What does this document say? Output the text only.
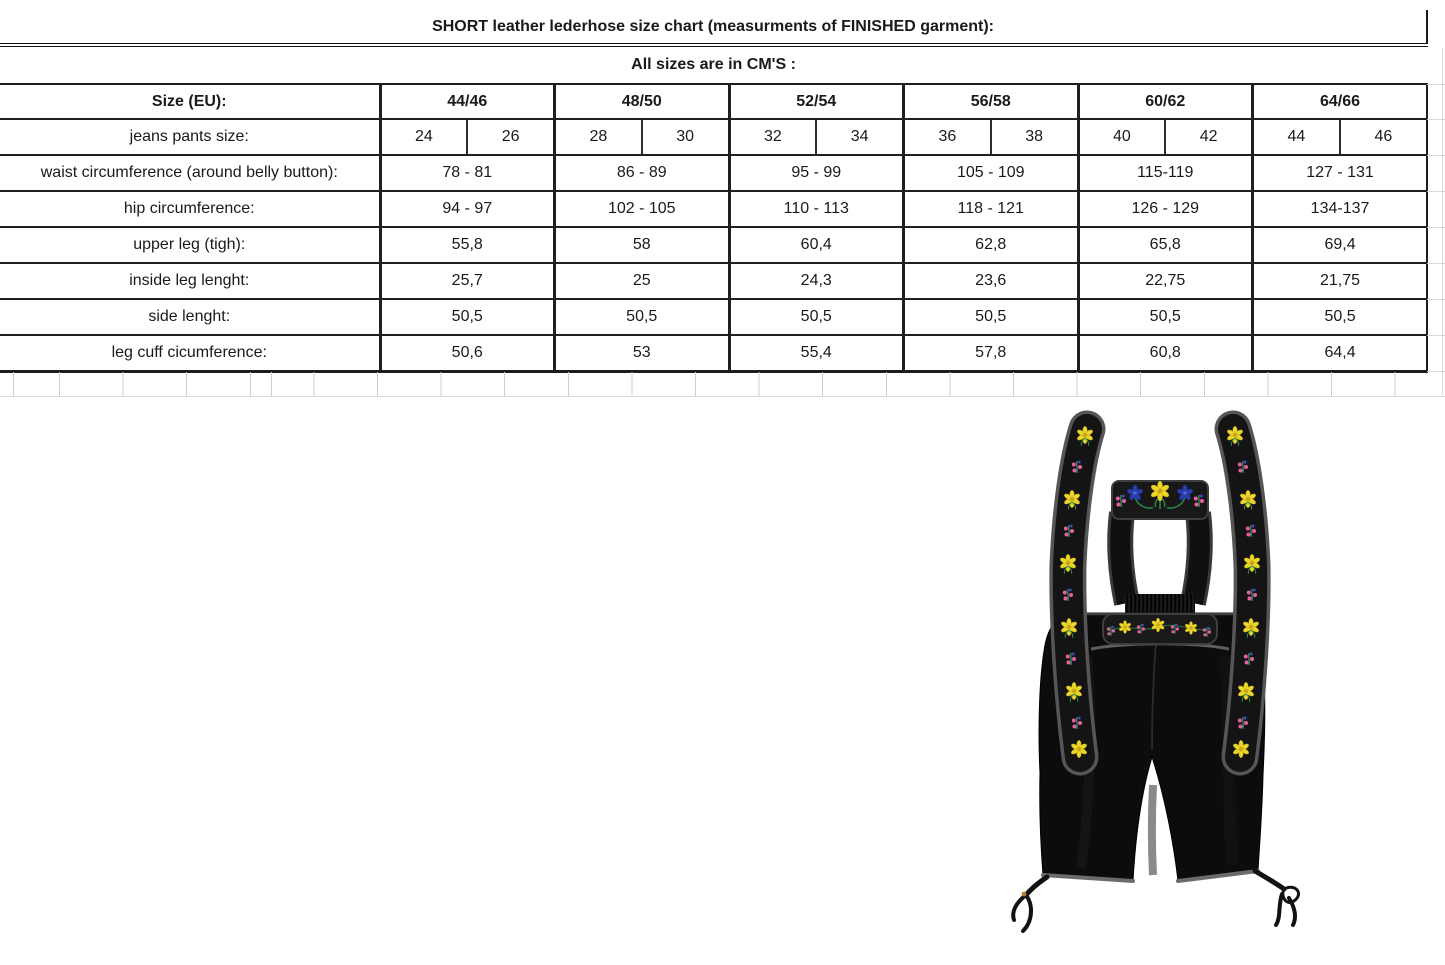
SHORT leather lederhose size chart (measurments of FINISHED garment):												
All sizes are in CM'S :												
Size (EU):	44/46		48/50		52/54		56/58		60/62		64/66	
jeans pants size:	24	26	28	30	32	34	36	38	40	42	44	46
waist circumference (around belly button):	78 - 81		86 - 89		95 - 99		105 - 109		115-119		127 - 131	
hip circumference:	94 - 97		102 - 105		110 - 113		118 - 121		126 - 129		134-137	
upper leg (tigh):	55,8		58		60,4		62,8		65,8		69,4	
inside leg lenght:	25,7		25		24,3		23,6		22,75		21,75	
side lenght:	50,5		50,5		50,5		50,5		50,5		50,5	
leg cuff cicumference:	50,6		53		55,4		57,8		60,8		64,4	
